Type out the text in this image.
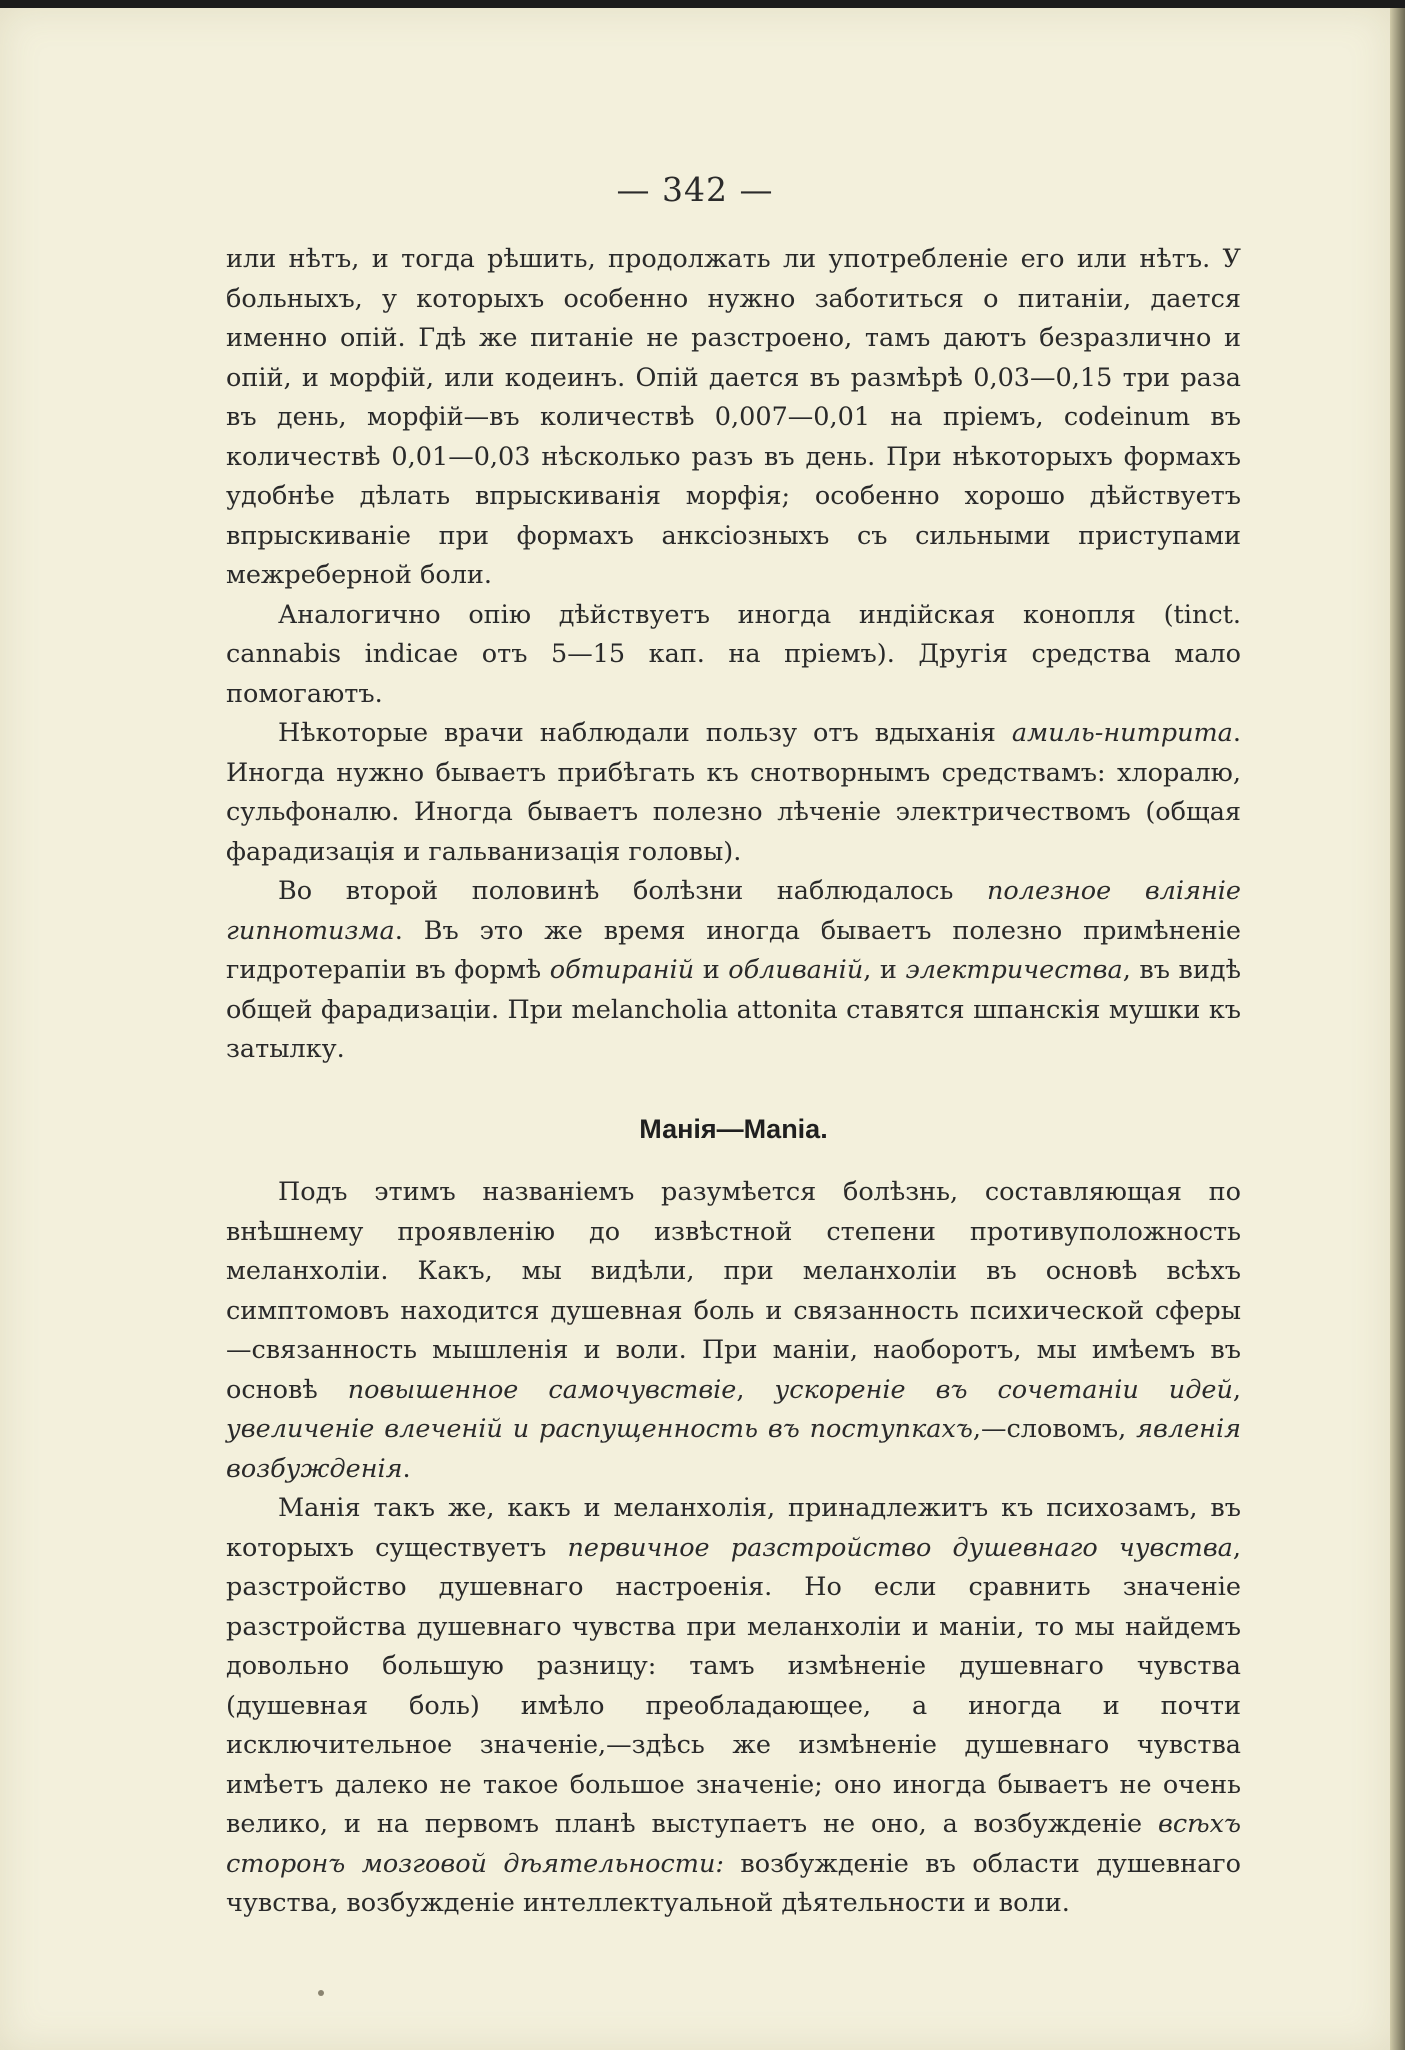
— 342 —

или нѣтъ, и тогда рѣшить, продолжать ли употребленіе его или нѣтъ. У больныхъ, у которыхъ особенно нужно заботиться о питаніи, дается именно опій. Гдѣ же питаніе не разстроено, тамъ даютъ безразлично и опій, и морфій, или кодеинъ. Опій дается въ размѣрѣ 0,03—0,15 три раза въ день, морфій—въ количествѣ 0,007—0,01 на пріемъ, codeinum въ количествѣ 0,01—0,03 нѣсколько разъ въ день. При нѣкоторыхъ формахъ удобнѣе дѣлать впрыскиванія морфія; особенно хорошо дѣйствуетъ впрыскиваніе при формахъ анксіозныхъ съ сильными приступами межреберной боли.

Аналогично опію дѣйствуетъ иногда индійская конопля (tinct. cannabis indicae отъ 5—15 кап. на пріемъ). Другія средства мало помогаютъ.

Нѣкоторые врачи наблюдали пользу отъ вдыханія амиль-нитрита. Иногда нужно бываетъ прибѣгать къ снотворнымъ средствамъ: хлоралю, сульфоналю. Иногда бываетъ полезно лѣченіе электричествомъ (общая фарадизація и гальванизація головы).

Во второй половинѣ болѣзни наблюдалось полезное вліяніе гипнотизма. Въ это же время иногда бываетъ полезно примѣненіе гидротерапіи въ формѣ обтираній и обливаній, и электричества, въ видѣ общей фарадизаціи. При melancholia attonita ставятся шпанскія мушки къ затылку.

Манія—Mania.

Подъ этимъ названіемъ разумѣется болѣзнь, составляющая по внѣшнему проявленію до извѣстной степени противуположность меланхоліи. Какъ, мы видѣли, при меланхоліи въ основѣ всѣхъ симптомовъ находится душевная боль и связанность психической сферы—связанность мышленія и воли. При маніи, наоборотъ, мы имѣемъ въ основѣ повышенное самочувствіе, ускореніе въ сочетаніи идей, увеличеніе влеченій и распущенность въ поступкахъ,—словомъ, явленія возбужденія.

Манія такъ же, какъ и меланхолія, принадлежитъ къ психозамъ, въ которыхъ существуетъ первичное разстройство душевнаго чувства, разстройство душевнаго настроенія. Но если сравнить значеніе разстройства душевнаго чувства при меланхоліи и маніи, то мы найдемъ довольно большую разницу: тамъ измѣненіе душевнаго чувства (душевная боль) имѣло преобладающее, а иногда и почти исключительное значеніе,—здѣсь же измѣненіе душевнаго чувства имѣетъ далеко не такое большое значеніе; оно иногда бываетъ не очень велико, и на первомъ планѣ выступаетъ не оно, а возбужденіе всѣхъ сторонъ мозговой дѣятельности: возбужденіе въ области душевнаго чувства, возбужденіе интеллектуальной дѣятельности и воли.
